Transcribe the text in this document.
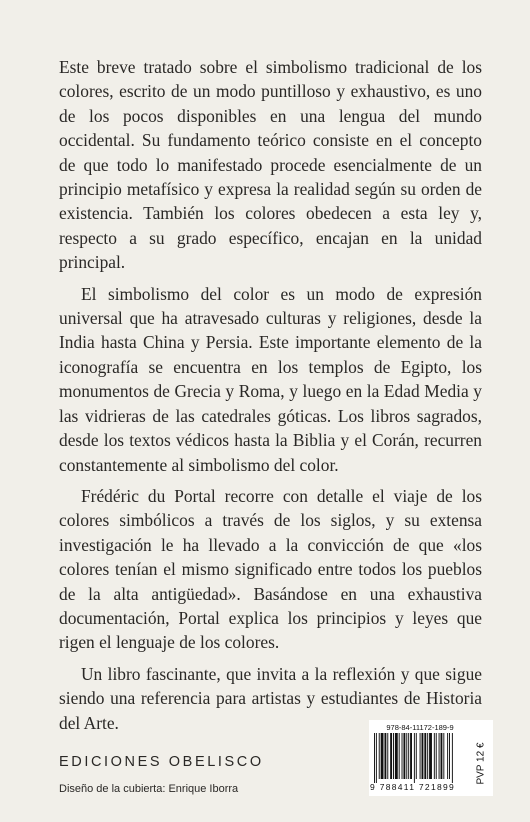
Este breve tratado sobre el simbolismo tradicional de los colores, escrito de un modo puntilloso y exhaustivo, es uno de los pocos disponibles en una lengua del mundo occidental. Su fundamento teórico consiste en el concepto de que todo lo manifestado procede esencialmente de un principio metafísico y expresa la realidad según su orden de existencia. También los colores obedecen a esta ley y, respecto a su grado específico, encajan en la unidad principal.

El simbolismo del color es un modo de expresión universal que ha atravesado culturas y religiones, desde la India hasta China y Persia. Este importante elemento de la iconografía se encuentra en los templos de Egipto, los monumentos de Grecia y Roma, y luego en la Edad Media y las vidrieras de las catedrales góticas. Los libros sagrados, desde los textos védicos hasta la Biblia y el Corán, recurren constantemente al simbolismo del color.

Frédéric du Portal recorre con detalle el viaje de los colores simbólicos a través de los siglos, y su extensa investigación le ha llevado a la convicción de que «los colores tenían el mismo significado entre todos los pueblos de la alta antigüedad». Basándose en una exhaustiva documentación, Portal explica los principios y leyes que rigen el lenguaje de los colores.

Un libro fascinante, que invita a la reflexión y que sigue siendo una referencia para artistas y estudiantes de Historia del Arte.

EDICIONES OBELISCO
Diseño de la cubierta: Enrique Iborra
978-84-11172-189-9
9 788411 721899
PVP 12 €
